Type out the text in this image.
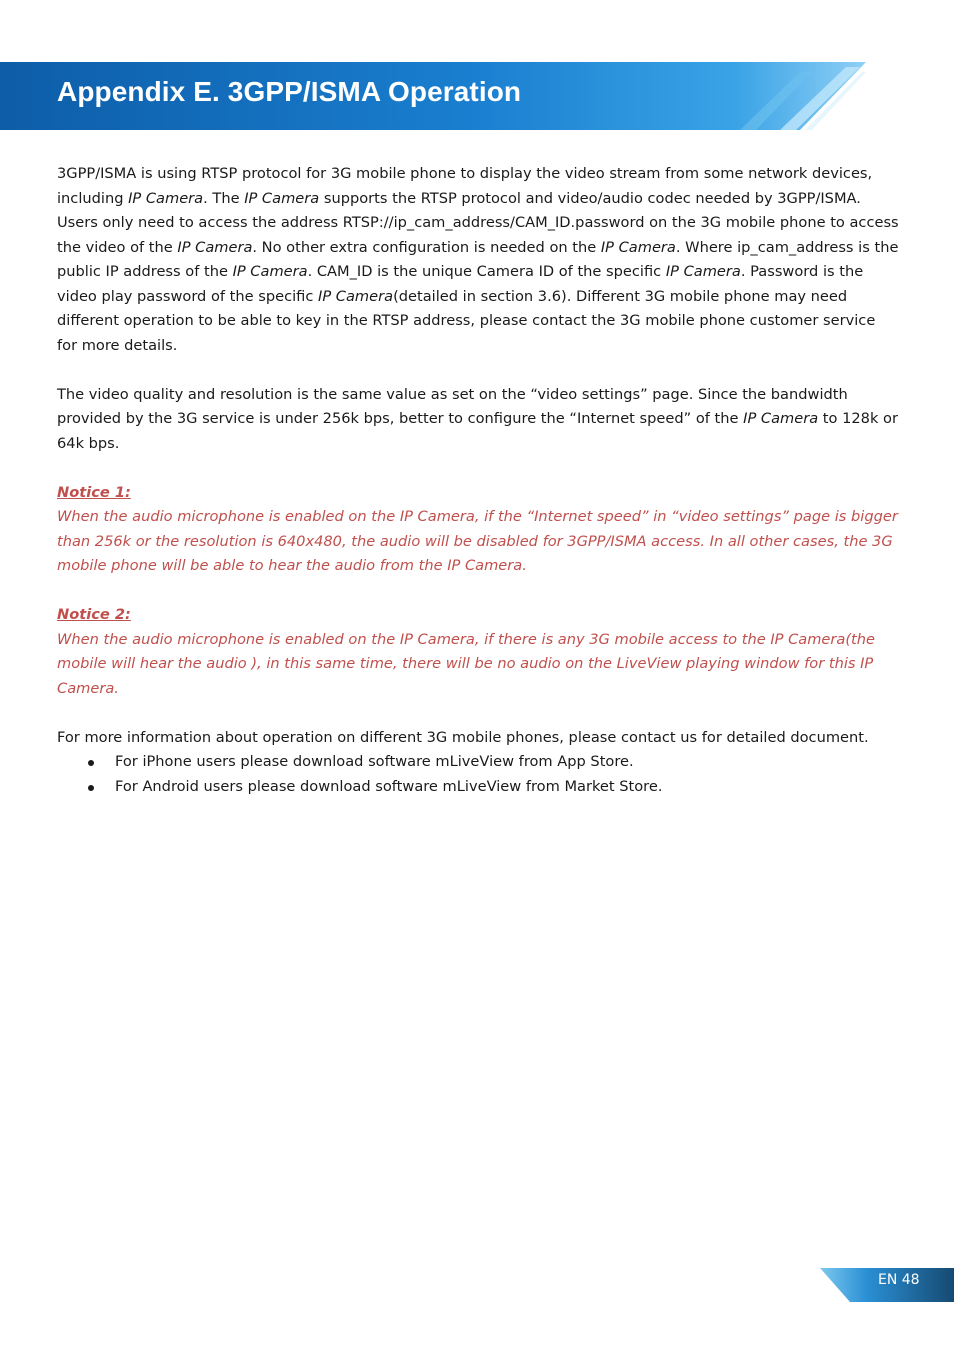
Appendix E. 3GPP/ISMA Operation

3GPP/ISMA is using RTSP protocol for 3G mobile phone to display the video stream from some network devices, including IP Camera. The IP Camera supports the RTSP protocol and video/audio codec needed by 3GPP/ISMA. Users only need to access the address RTSP://ip_cam_address/CAM_ID.password on the 3G mobile phone to access the video of the IP Camera. No other extra configuration is needed on the IP Camera. Where ip_cam_address is the public IP address of the IP Camera. CAM_ID is the unique Camera ID of the specific IP Camera. Password is the video play password of the specific IP Camera(detailed in section 3.6). Different 3G mobile phone may need different operation to be able to key in the RTSP address, please contact the 3G mobile phone customer service for more details.

The video quality and resolution is the same value as set on the “video settings” page. Since the bandwidth provided by the 3G service is under 256k bps, better to configure the “Internet speed” of the IP Camera to 128k or 64k bps.

Notice 1:

When the audio microphone is enabled on the IP Camera, if the “Internet speed” in “video settings” page is bigger than 256k or the resolution is 640x480, the audio will be disabled for 3GPP/ISMA access. In all other cases, the 3G mobile phone will be able to hear the audio from the IP Camera.

Notice 2:

When the audio microphone is enabled on the IP Camera, if there is any 3G mobile access to the IP Camera(the mobile will hear the audio ), in this same time, there will be no audio on the LiveView playing window for this IP Camera.

For more information about operation on different 3G mobile phones, please contact us for detailed document.

For iPhone users please download software mLiveView from App Store.
For Android users please download software mLiveView from Market Store.
EN 48
